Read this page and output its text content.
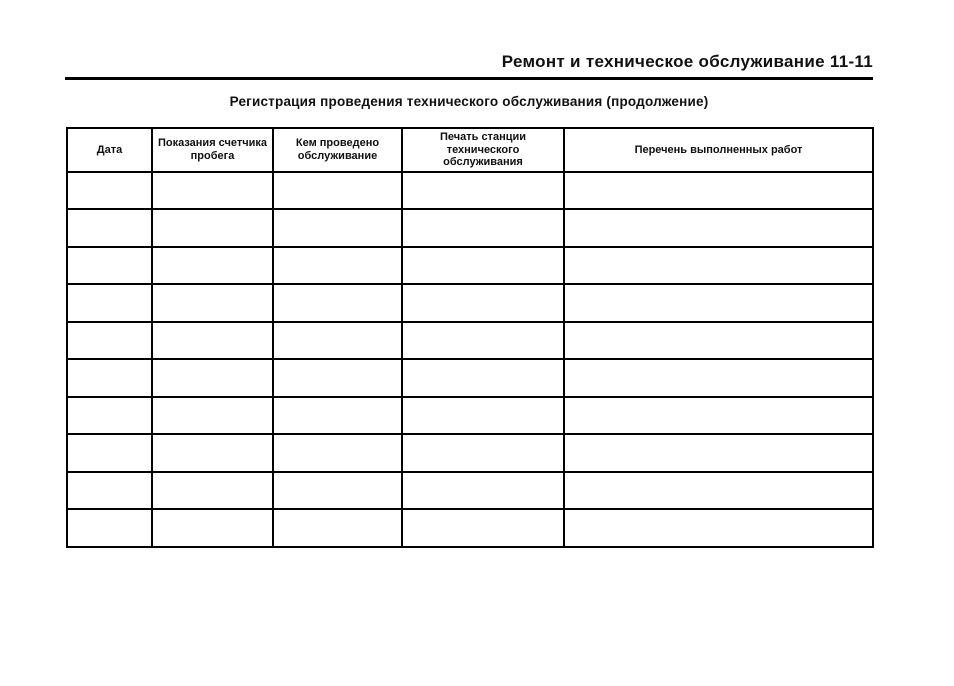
Ремонт и техническое обслуживание 11-11
Регистрация проведения технического обслуживания (продолжение)
Дата	Показания счетчика пробега	Кем проведено обслуживание	Печать станции технического обслуживания	Перечень выполненных работ
